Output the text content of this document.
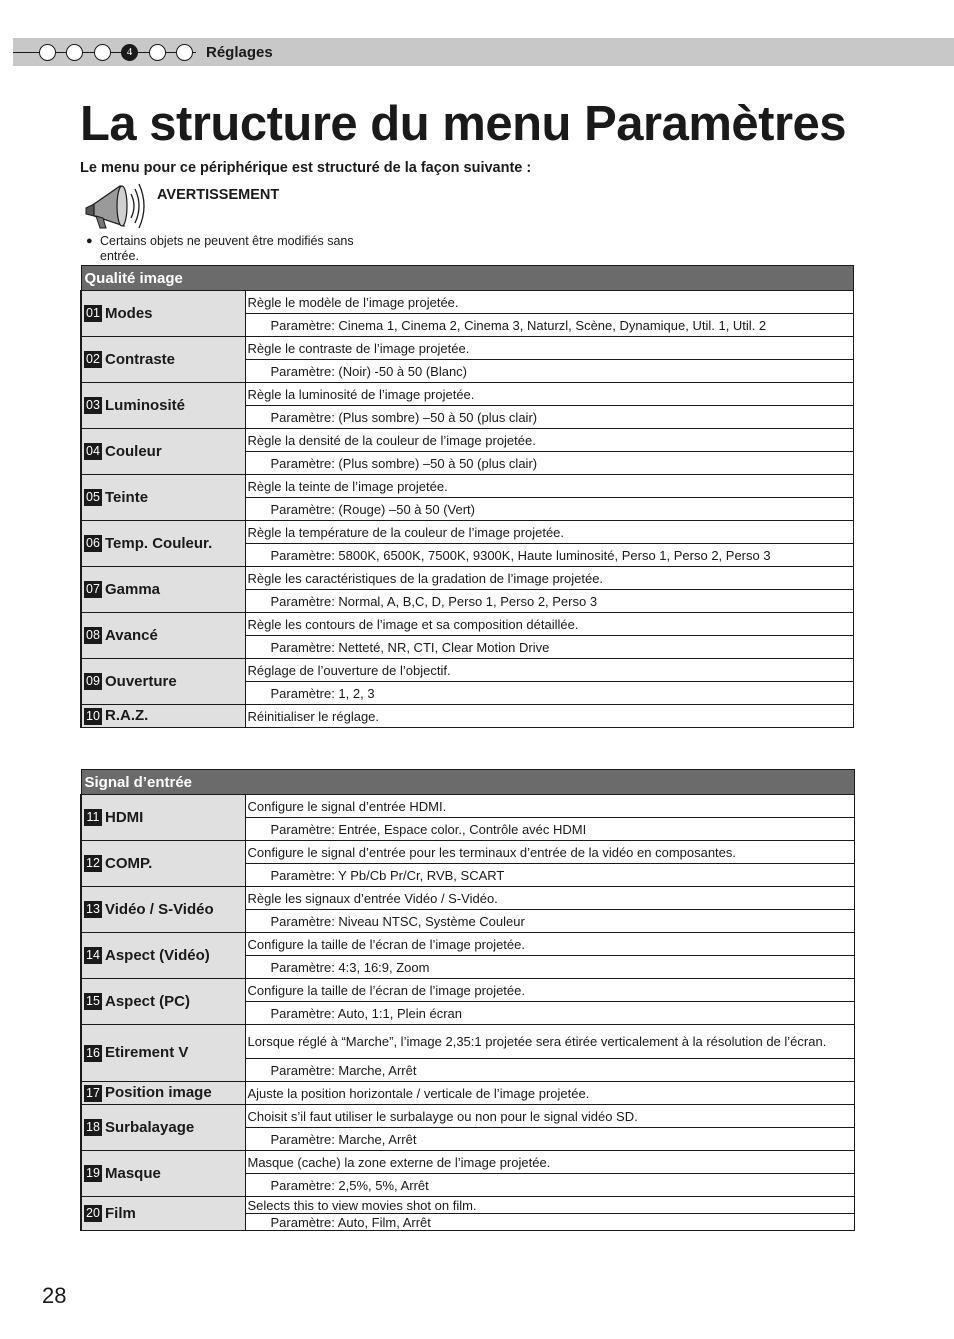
4	Réglages
La structure du menu Paramètres
Le menu pour ce périphérique est structuré de la façon suivante :
AVERTISSEMENT
● Certains objets ne peuvent être modifiés sans entrée.
Qualité image	
01 Modes	Règle le modèle de l’image projetée.
	Paramètre: Cinema 1, Cinema 2, Cinema 3, Naturzl, Scène, Dynamique, Util. 1, Util. 2
02 Contraste	Règle le contraste de l’image projetée.
	Paramètre: (Noir) -50 à 50 (Blanc)
03 Luminosité	Règle la luminosité de l’image projetée.
	Paramètre: (Plus sombre) –50 à 50 (plus clair)
04 Couleur	Règle la densité de la couleur de l’image projetée.
	Paramètre: (Plus sombre) –50 à 50 (plus clair)
05 Teinte	Règle la teinte de l’image projetée.
	Paramètre: (Rouge) –50 à 50 (Vert)
06 Temp. Couleur.	Règle la température de la couleur de l’image projetée.
	Paramètre: 5800K, 6500K, 7500K, 9300K, Haute luminosité, Perso 1, Perso 2, Perso 3
07 Gamma	Règle les caractéristiques de la gradation de l’image projetée.
	Paramètre: Normal, A, B,C, D, Perso 1, Perso 2, Perso 3
08 Avancé	Règle les contours de l’image et sa composition détaillée.
	Paramètre: Netteté, NR, CTI, Clear Motion Drive
09 Ouverture	Réglage de l’ouverture de l’objectif.
	Paramètre: 1, 2, 3
10 R.A.Z.	Réinitialiser le réglage.
Signal d’entrée	
11 HDMI	Configure le signal d’entrée HDMI.
	Paramètre: Entrée, Espace color., Contrôle avéc HDMI
12 COMP.	Configure le signal d’entrée pour les terminaux d’entrée de la vidéo en composantes.
	Paramètre: Y Pb/Cb Pr/Cr, RVB, SCART
13 Vidéo / S-Vidéo	Règle les signaux d’entrée Vidéo / S-Vidéo.
	Paramètre: Niveau NTSC, Système Couleur
14 Aspect (Vidéo)	Configure la taille de l’écran de l’image projetée.
	Paramètre: 4:3, 16:9, Zoom
15 Aspect (PC)	Configure la taille de l’écran de l’image projetée.
	Paramètre: Auto, 1:1, Plein écran
16 Etirement V	Lorsque réglé à “Marche”, l’image 2,35:1 projetée sera étirée verticalement à la résolution de l’écran.
	Paramètre: Marche, Arrêt
17 Position image	Ajuste la position horizontale / verticale de l’image projetée.
18 Surbalayage	Choisit s’il faut utiliser le surbalayge ou non pour le signal vidéo SD.
	Paramètre: Marche, Arrêt
19 Masque	Masque (cache) la zone externe de l’image projetée.
	Paramètre: 2,5%, 5%, Arrêt
20 Film	Selects this to view movies shot on film.
	Paramètre: Auto, Film, Arrêt
28
